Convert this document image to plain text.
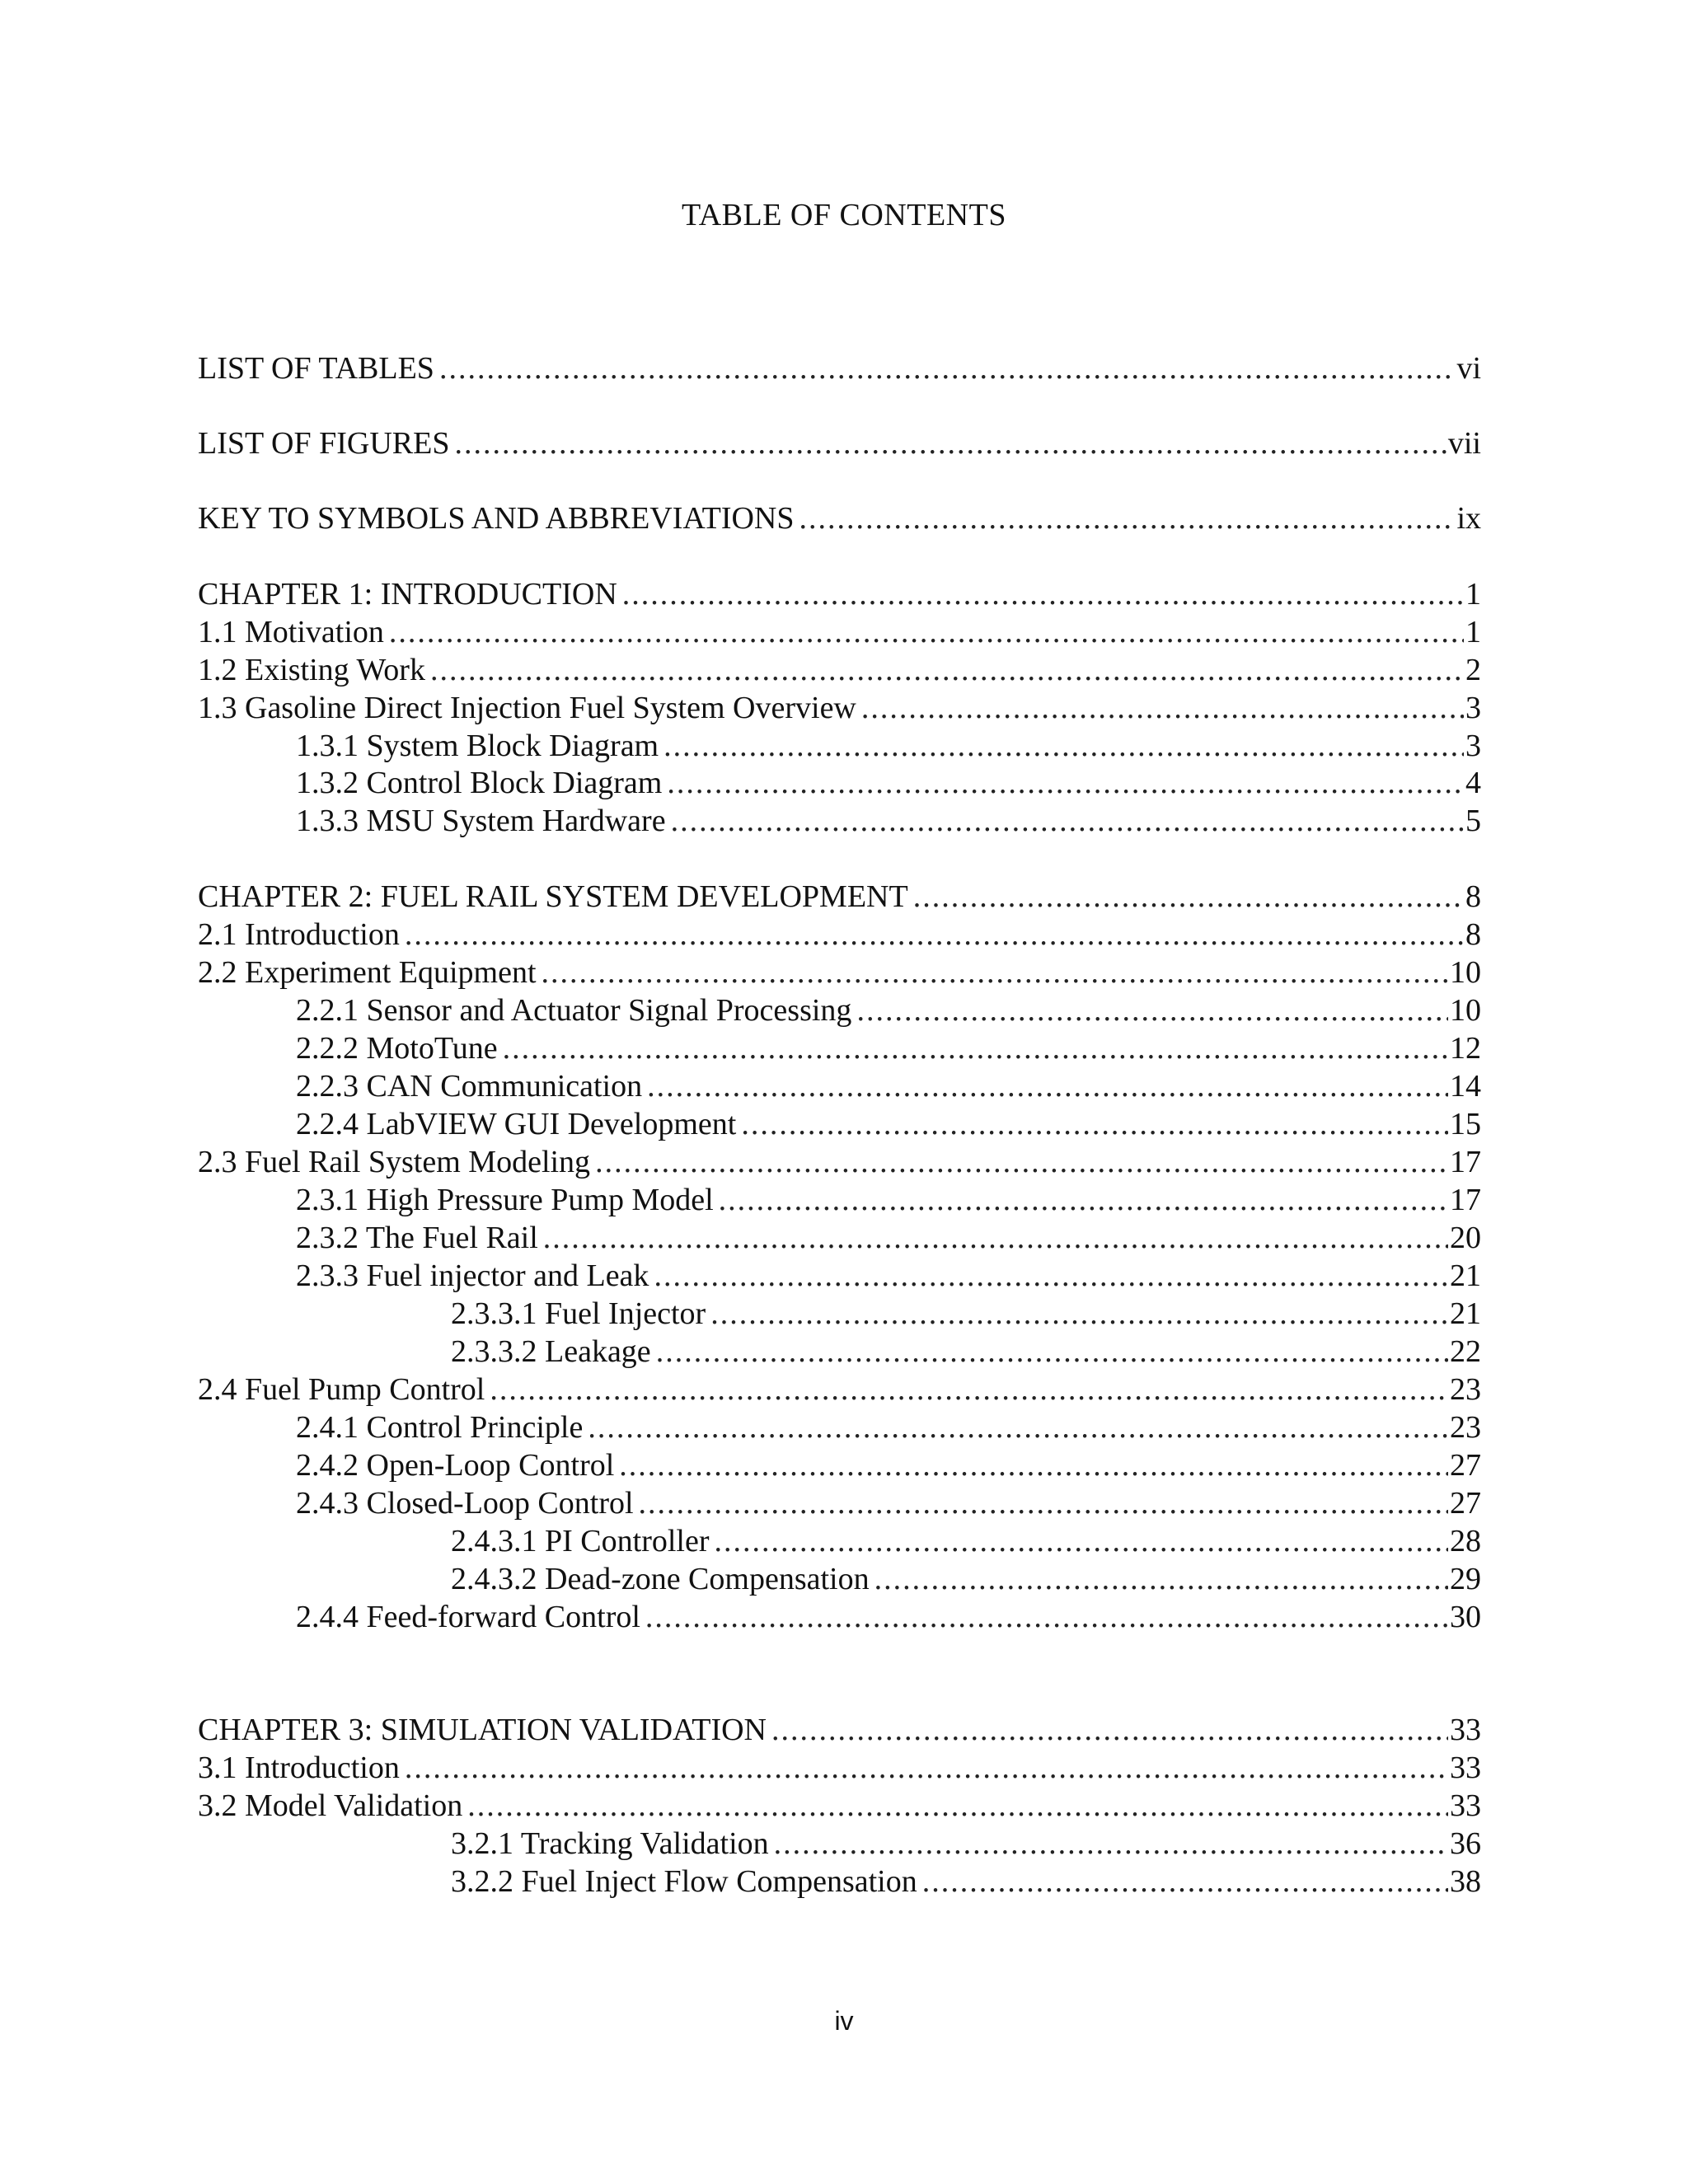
TABLE OF CONTENTS
LIST OF TABLES .....	vi
LIST OF FIGURES .....	vii
KEY TO SYMBOLS AND ABBREVIATIONS .....	ix
CHAPTER 1: INTRODUCTION .....	1
1.1 Motivation .....	1
1.2 Existing Work .....	2
1.3 Gasoline Direct Injection Fuel System Overview .....	3
1.3.1 System Block Diagram .....	3
1.3.2 Control Block Diagram .....	4
1.3.3 MSU System Hardware .....	5
CHAPTER 2: FUEL RAIL SYSTEM DEVELOPMENT .....	8
2.1 Introduction .....	8
2.2 Experiment Equipment .....	10
2.2.1 Sensor and Actuator Signal Processing .....	10
2.2.2 MotoTune .....	12
2.2.3 CAN Communication .....	14
2.2.4 LabVIEW GUI Development .....	15
2.3 Fuel Rail System Modeling .....	17
2.3.1 High Pressure Pump Model .....	17
2.3.2 The Fuel Rail .....	20
2.3.3 Fuel injector and Leak .....	21
2.3.3.1 Fuel Injector .....	21
2.3.3.2 Leakage .....	22
2.4 Fuel Pump Control .....	23
2.4.1 Control Principle .....	23
2.4.2 Open-Loop Control .....	27
2.4.3 Closed-Loop Control .....	27
2.4.3.1 PI Controller .....	28
2.4.3.2 Dead-zone Compensation .....	29
2.4.4 Feed-forward Control .....	30
CHAPTER 3: SIMULATION VALIDATION .....	33
3.1 Introduction .....	33
3.2 Model Validation .....	33
3.2.1 Tracking Validation .....	36
3.2.2 Fuel Inject Flow Compensation .....	38
iv
